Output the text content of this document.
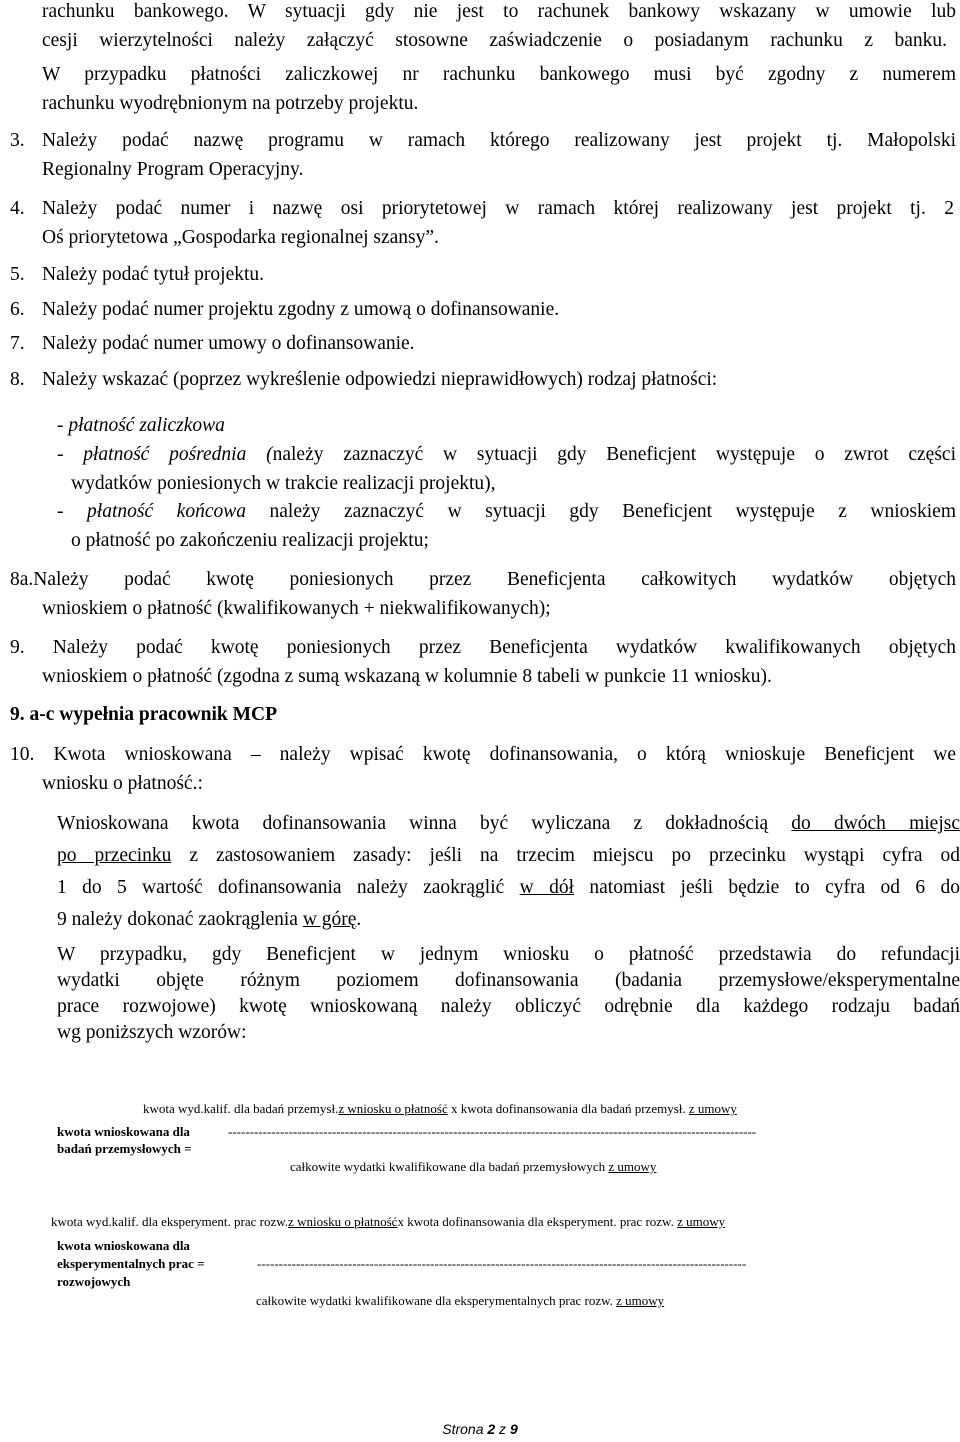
rachunku bankowego. W sytuacji gdy nie jest to rachunek bankowy wskazany w umowie lub
cesji wierzytelności należy załączyć stosowne zaświadczenie o posiadanym rachunku z banku.
W przypadku płatności zaliczkowej nr rachunku bankowego musi być zgodny z numerem
rachunku wyodrębnionym na potrzeby projektu.
3. Należy podać nazwę programu w ramach którego realizowany jest projekt tj. Małopolski
Regionalny Program Operacyjny.
4. Należy podać numer i nazwę osi priorytetowej w ramach której realizowany jest projekt tj. 2
Oś priorytetowa „Gospodarka regionalnej szansy”.
5. Należy podać tytuł projektu.
6. Należy podać numer projektu zgodny z umową o dofinansowanie.
7. Należy podać numer umowy o dofinansowanie.
8. Należy wskazać (poprzez wykreślenie odpowiedzi nieprawidłowych) rodzaj płatności:
- płatność zaliczkowa
- płatność pośrednia (należy zaznaczyć w sytuacji gdy Beneficjent występuje o zwrot części
wydatków poniesionych w trakcie realizacji projektu),
- płatność końcowa należy zaznaczyć w sytuacji gdy Beneficjent występuje z wnioskiem
o płatność po zakończeniu realizacji projektu;
8a.Należy podać kwotę poniesionych przez Beneficjenta całkowitych wydatków objętych
wnioskiem o płatność (kwalifikowanych + niekwalifikowanych);
9. Należy podać kwotę poniesionych przez Beneficjenta wydatków kwalifikowanych objętych
wnioskiem o płatność (zgodna z sumą wskazaną w kolumnie 8 tabeli w punkcie 11 wniosku).
9. a-c wypełnia pracownik MCP
10. Kwota wnioskowana – należy wpisać kwotę dofinansowania, o którą wnioskuje Beneficjent we
wniosku o płatność.:
Wnioskowana kwota dofinansowania winna być wyliczana z dokładnością do dwóch miejsc
po przecinku z zastosowaniem zasady: jeśli na trzecim miejscu po przecinku wystąpi cyfra od
1 do 5 wartość dofinansowania należy zaokrąglić w dół natomiast jeśli będzie to cyfra od 6 do
9 należy dokonać zaokrąglenia w górę.
W przypadku, gdy Beneficjent w jednym wniosku o płatność przedstawia do refundacji
wydatki objęte różnym poziomem dofinansowania (badania przemysłowe/eksperymentalne
prace rozwojowe) kwotę wnioskowaną należy obliczyć odrębnie dla każdego rodzaju badań
wg poniższych wzorów:
kwota wyd.kalif. dla badań przemysł.z wniosku o płatność x kwota dofinansowania dla badań przemysł. z umowy
kwota wnioskowana dla
badań przemysłowych =
--------------------------------------------------------------------------------------------------------------------------
całkowite wydatki kwalifikowane dla badań przemysłowych z umowy
kwota wyd.kalif. dla eksperyment. prac rozw.z wniosku o płatnośćx kwota dofinansowania dla eksperyment. prac rozw. z umowy
kwota wnioskowana dla
eksperymentalnych prac =
rozwojowych
-----------------------------------------------------------------------------------------------------------------
całkowite wydatki kwalifikowane dla eksperymentalnych prac rozw. z umowy
Strona 2 z 9
